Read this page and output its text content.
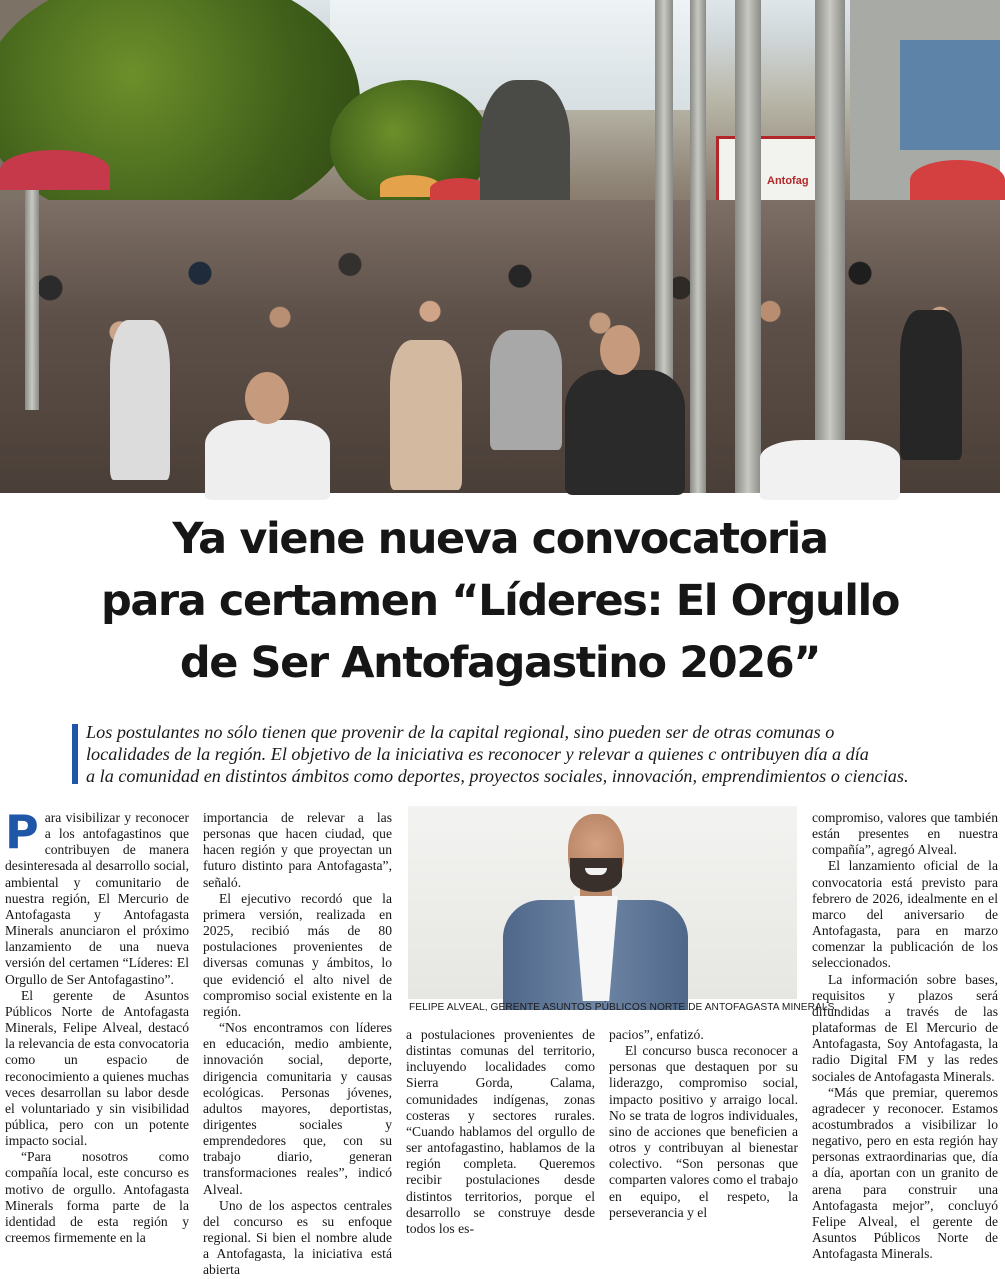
Antofag
Ya viene nueva convocatoria
para certamen “Líderes: El Orgullo
de Ser Antofagastino 2026”
Los postulantes no sólo tienen que provenir de la capital regional, sino pueden ser de otras comunas o
localidades de la región. El objetivo de la iniciativa es reconocer y relevar a quienes c ontribuyen día a día
a la comunidad en distintos ámbitos como deportes, proyectos sociales, innovación, emprendimientos o ciencias.

Para visibilizar y reconocer a los antofagastinos que contribuyen de manera desinteresada al desarrollo social, ambiental y comunitario de nuestra región, El Mercurio de Antofagasta y Antofagasta Minerals anunciaron el próximo lanzamiento de una nueva versión del certamen “Líderes: El Orgullo de Ser Antofagastino”.

El gerente de Asuntos Públicos Norte de Antofagasta Minerals, Felipe Alveal, destacó la relevancia de esta convocatoria como un espacio de reconocimiento a quienes muchas veces desarrollan su labor desde el voluntariado y sin visibilidad pública, pero con un potente impacto social.

“Para nosotros como compañía local, este concurso es motivo de orgullo. Antofagasta Minerals forma parte de la identidad de esta región y creemos firmemente en la

importancia de relevar a las personas que hacen ciudad, que hacen región y que proyectan un futuro distinto para Antofagasta”, señaló.

El ejecutivo recordó que la primera versión, realizada en 2025, recibió más de 80 postulaciones provenientes de diversas comunas y ámbitos, lo que evidenció el alto nivel de compromiso social existente en la región.

“Nos encontramos con líderes en educación, medio ambiente, innovación social, deporte, dirigencia comunitaria y causas ecológicas. Personas jóvenes, adultos mayores, deportistas, dirigentes sociales y emprendedores que, con su trabajo diario, generan transformaciones reales”, indicó Alveal.

Uno de los aspectos centrales del concurso es su enfoque regional. Si bien el nombre alude a Antofagasta, la iniciativa está abierta

FELIPE ALVEAL, GERENTE ASUNTOS PÚBLICOS NORTE DE ANTOFAGASTA MINERALS.

a postulaciones provenientes de distintas comunas del territorio, incluyendo localidades como Sierra Gorda, Calama, comunidades indígenas, zonas costeras y sectores rurales. “Cuando hablamos del orgullo de ser antofagastino, hablamos de la región completa. Queremos recibir postulaciones desde distintos territorios, porque el desarrollo se construye desde todos los es-

pacios”, enfatizó.

El concurso busca reconocer a personas que destaquen por su liderazgo, compromiso social, impacto positivo y arraigo local. No se trata de logros individuales, sino de acciones que beneficien a otros y contribuyan al bienestar colectivo. “Son personas que comparten valores como el trabajo en equipo, el respeto, la perseverancia y el

compromiso, valores que también están presentes en nuestra compañía”, agregó Alveal.

El lanzamiento oficial de la convocatoria está previsto para febrero de 2026, idealmente en el marco del aniversario de Antofagasta, para en marzo comenzar la publicación de los seleccionados.

La información sobre bases, requisitos y plazos será difundidas a través de las plataformas de El Mercurio de Antofagasta, Soy Antofagasta, la radio Digital FM y las redes sociales de Antofagasta Minerals.

“Más que premiar, queremos agradecer y reconocer. Estamos acostumbrados a visibilizar lo negativo, pero en esta región hay personas extraordinarias que, día a día, aportan con un granito de arena para construir una Antofagasta mejor”, concluyó Felipe Alveal, el gerente de Asuntos Públicos Norte de Antofagasta Minerals.
